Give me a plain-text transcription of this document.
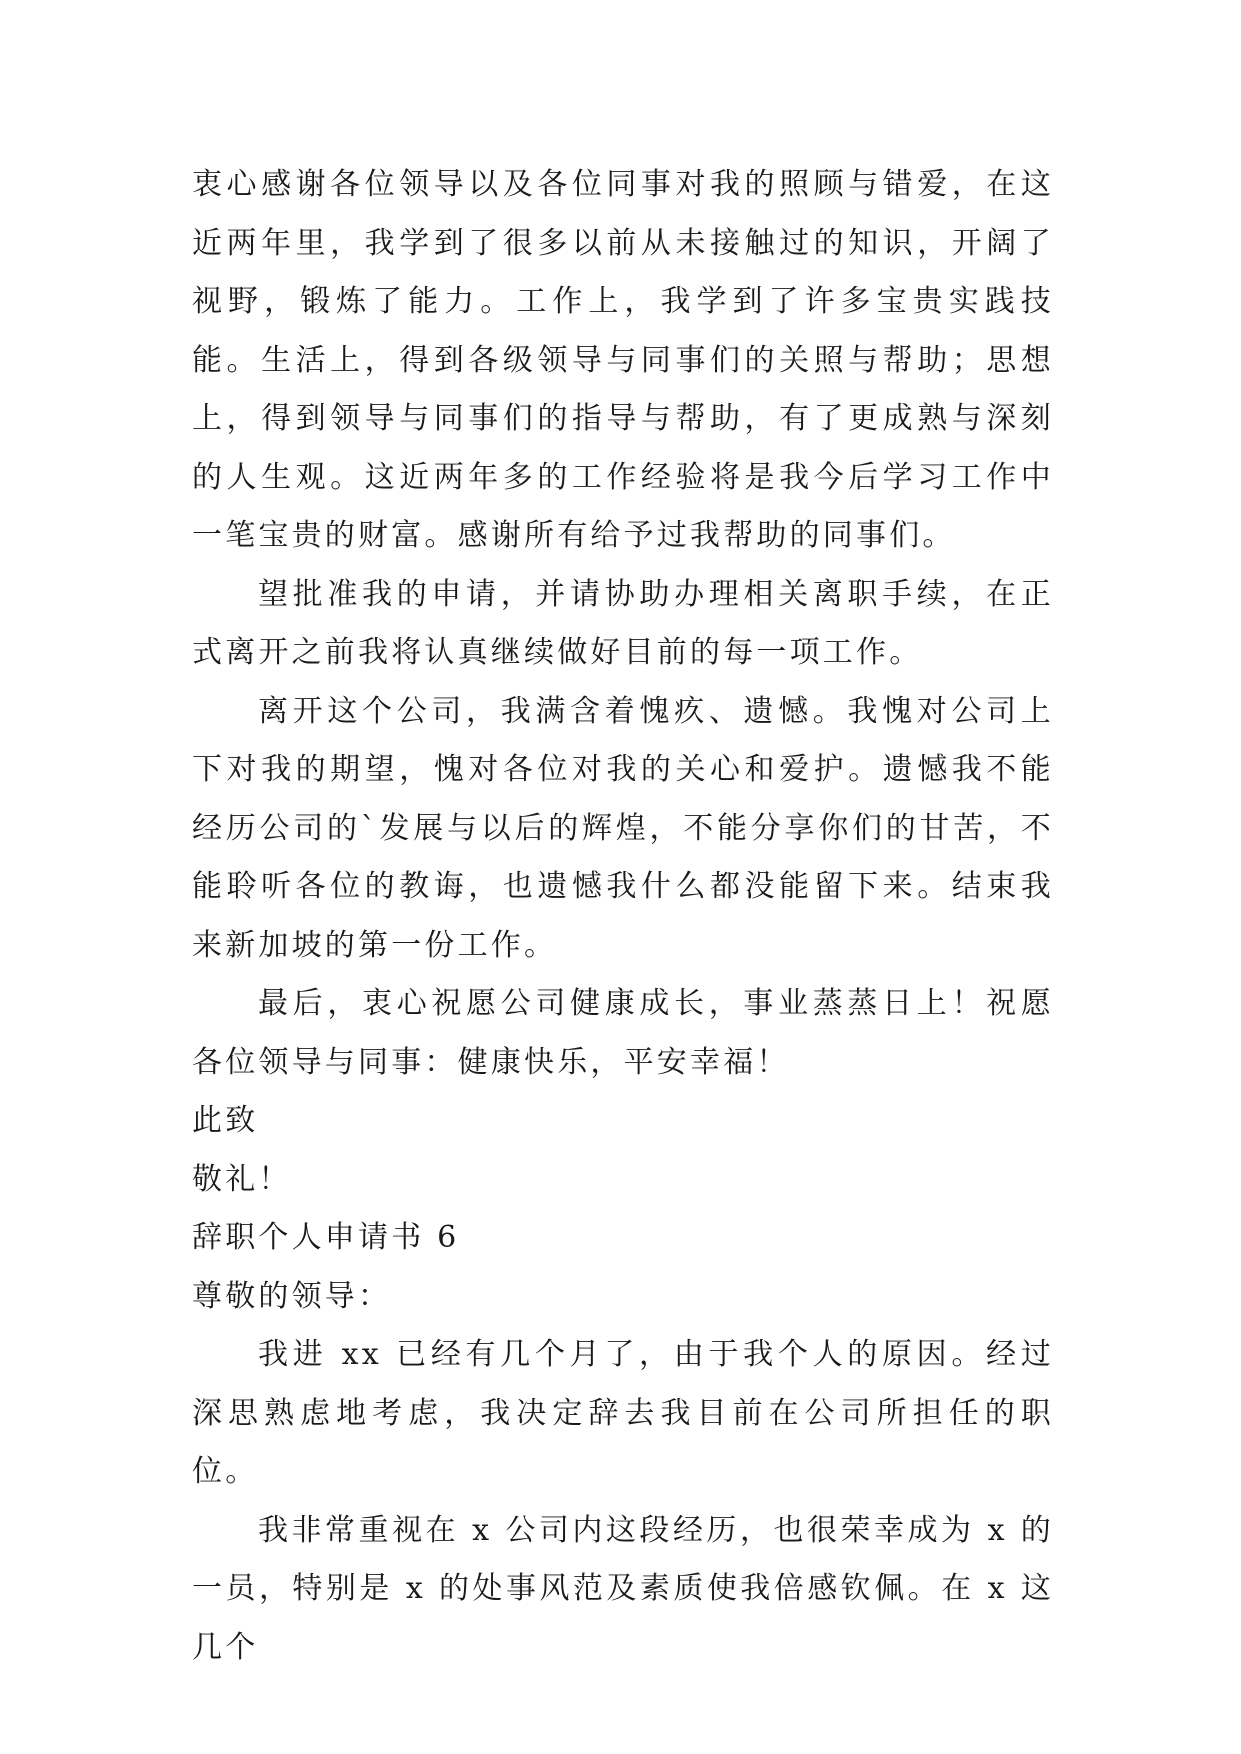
衷心感谢各位领导以及各位同事对我的照顾与错爱，在这近两年里，我学到了很多以前从未接触过的知识，开阔了视野，锻炼了能力。工作上，我学到了许多宝贵实践技能。生活上，得到各级领导与同事们的关照与帮助；思想上，得到领导与同事们的指导与帮助，有了更成熟与深刻的人生观。这近两年多的工作经验将是我今后学习工作中一笔宝贵的财富。感谢所有给予过我帮助的同事们。

望批准我的申请，并请协助办理相关离职手续，在正式离开之前我将认真继续做好目前的每一项工作。

离开这个公司，我满含着愧疚、遗憾。我愧对公司上下对我的期望，愧对各位对我的关心和爱护。遗憾我不能经历公司的`发展与以后的辉煌，不能分享你们的甘苦，不能聆听各位的教诲，也遗憾我什么都没能留下来。结束我来新加坡的第一份工作。

最后，衷心祝愿公司健康成长，事业蒸蒸日上！祝愿各位领导与同事：健康快乐，平安幸福！

此致

敬礼！

辞职个人申请书 6

尊敬的领导：

我进 xx 已经有几个月了，由于我个人的原因。经过深思熟虑地考虑，我决定辞去我目前在公司所担任的职位。

我非常重视在 x 公司内这段经历，也很荣幸成为 x 的一员，特别是 x 的处事风范及素质使我倍感钦佩。在 x 这几个
